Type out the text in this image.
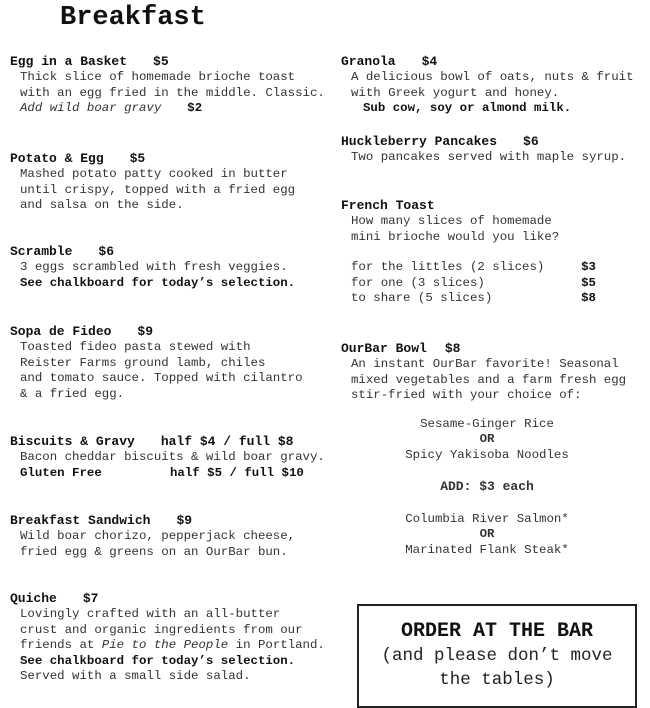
Breakfast
Egg in a Basket $5
Thick slice of homemade brioche toast
with an egg fried in the middle. Classic.
Add wild boar gravy $2
Potato & Egg $5
Mashed potato patty cooked in butter
until crispy, topped with a fried egg
and salsa on the side.
Scramble $6
3 eggs scrambled with fresh veggies.
See chalkboard for today’s selection.
Sopa de Fideo $9
Toasted fideo pasta stewed with
Reister Farms ground lamb, chiles
and tomato sauce. Topped with cilantro
& a fried egg.
Biscuits & Gravy half $4 / full $8
Bacon cheddar biscuits & wild boar gravy.
Gluten Free	half $5 / full $10
Breakfast Sandwich $9
Wild boar chorizo, pepperjack cheese,
fried egg & greens on an OurBar bun.
Quiche $7
Lovingly crafted with an all-butter
crust and organic ingredients from our
friends at Pie to the People in Portland.
See chalkboard for today’s selection.
Served with a small side salad.
Granola $4
A delicious bowl of oats, nuts & fruit
with Greek yogurt and honey.
Sub cow, soy or almond milk.
Huckleberry Pancakes $6
Two pancakes served with maple syrup.
French Toast
How many slices of homemade
mini brioche would you like?
for the littles (2 slices)	$3
for one (3 slices)	$5
to share (5 slices)	$8
OurBar Bowl $8
An instant OurBar favorite! Seasonal
mixed vegetables and a farm fresh egg
stir-fried with your choice of:
Sesame-Ginger Rice
OR
Spicy Yakisoba Noodles
ADD: $3 each
Columbia River Salmon*
OR
Marinated Flank Steak*
ORDER AT THE BAR
(and please don’t move
the tables)
